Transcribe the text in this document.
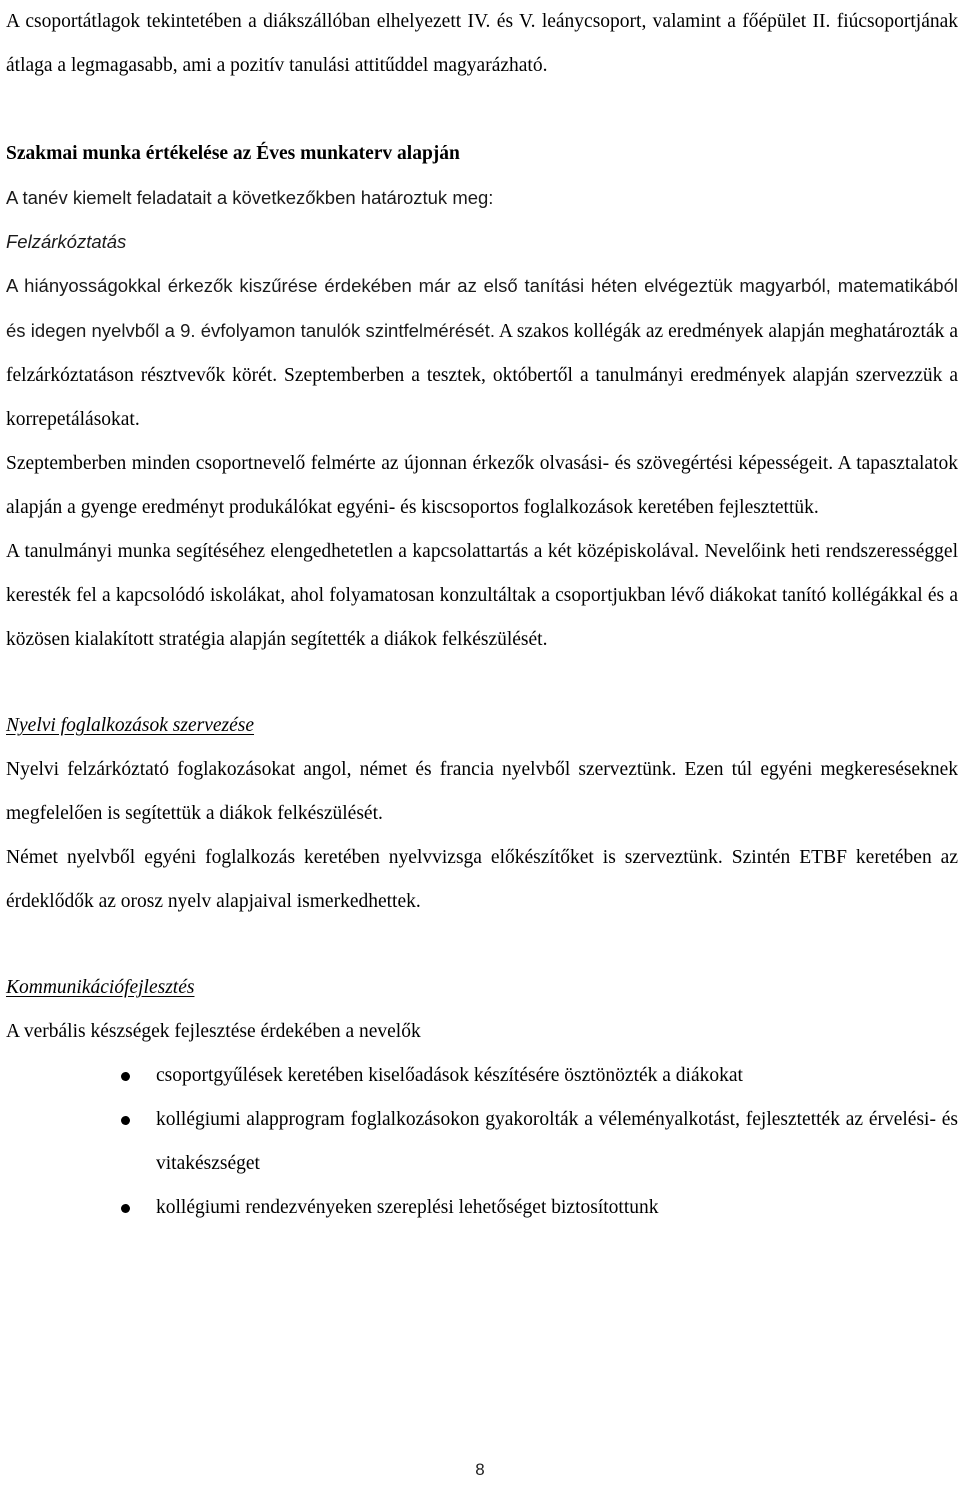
A csoportátlagok tekintetében a diákszállóban elhelyezett IV. és V. leánycsoport, valamint a főépület II. fiúcsoportjának átlaga a legmagasabb, ami a pozitív tanulási attitűddel magyarázható.

Szakmai munka értékelése az Éves munkaterv alapján

A tanév kiemelt feladatait a következőkben határoztuk meg:

Felzárkóztatás

A hiányosságokkal érkezők kiszűrése érdekében már az első tanítási héten elvégeztük magyarból, matematikából és idegen nyelvből a 9. évfolyamon tanulók szintfelmérését. A szakos kollégák az eredmények alapján meghatározták a felzárkóztatáson résztvevők körét. Szeptemberben a tesztek, októbertől a tanulmányi eredmények alapján szervezzük a korrepetálásokat.

Szeptemberben minden csoportnevelő felmérte az újonnan érkezők olvasási- és szövegértési képességeit. A tapasztalatok alapján a gyenge eredményt produkálókat egyéni- és kiscsoportos foglalkozások keretében fejlesztettük.

A tanulmányi munka segítéséhez elengedhetetlen a kapcsolattartás a két középiskolával. Nevelőink heti rendszerességgel keresték fel a kapcsolódó iskolákat, ahol folyamatosan konzultáltak a csoportjukban lévő diákokat tanító kollégákkal és a közösen kialakított stratégia alapján segítették a diákok felkészülését.

Nyelvi foglalkozások szervezése

Nyelvi felzárkóztató foglakozásokat angol, német és francia nyelvből szerveztünk. Ezen túl egyéni megkereséseknek megfelelően is segítettük a diákok felkészülését.

Német nyelvből egyéni foglalkozás keretében nyelvvizsga előkészítőket is szerveztünk. Szintén ETBF keretében az érdeklődők az orosz nyelv alapjaival ismerkedhettek.

Kommunikációfejlesztés

A verbális készségek fejlesztése érdekében a nevelők

csoportgyűlések keretében kiselőadások készítésére ösztönözték a diákokat
kollégiumi alapprogram foglalkozásokon gyakorolták a véleményalkotást, fejlesztették az érvelési- és vitakészséget
kollégiumi rendezvényeken szereplési lehetőséget biztosítottunk
8
